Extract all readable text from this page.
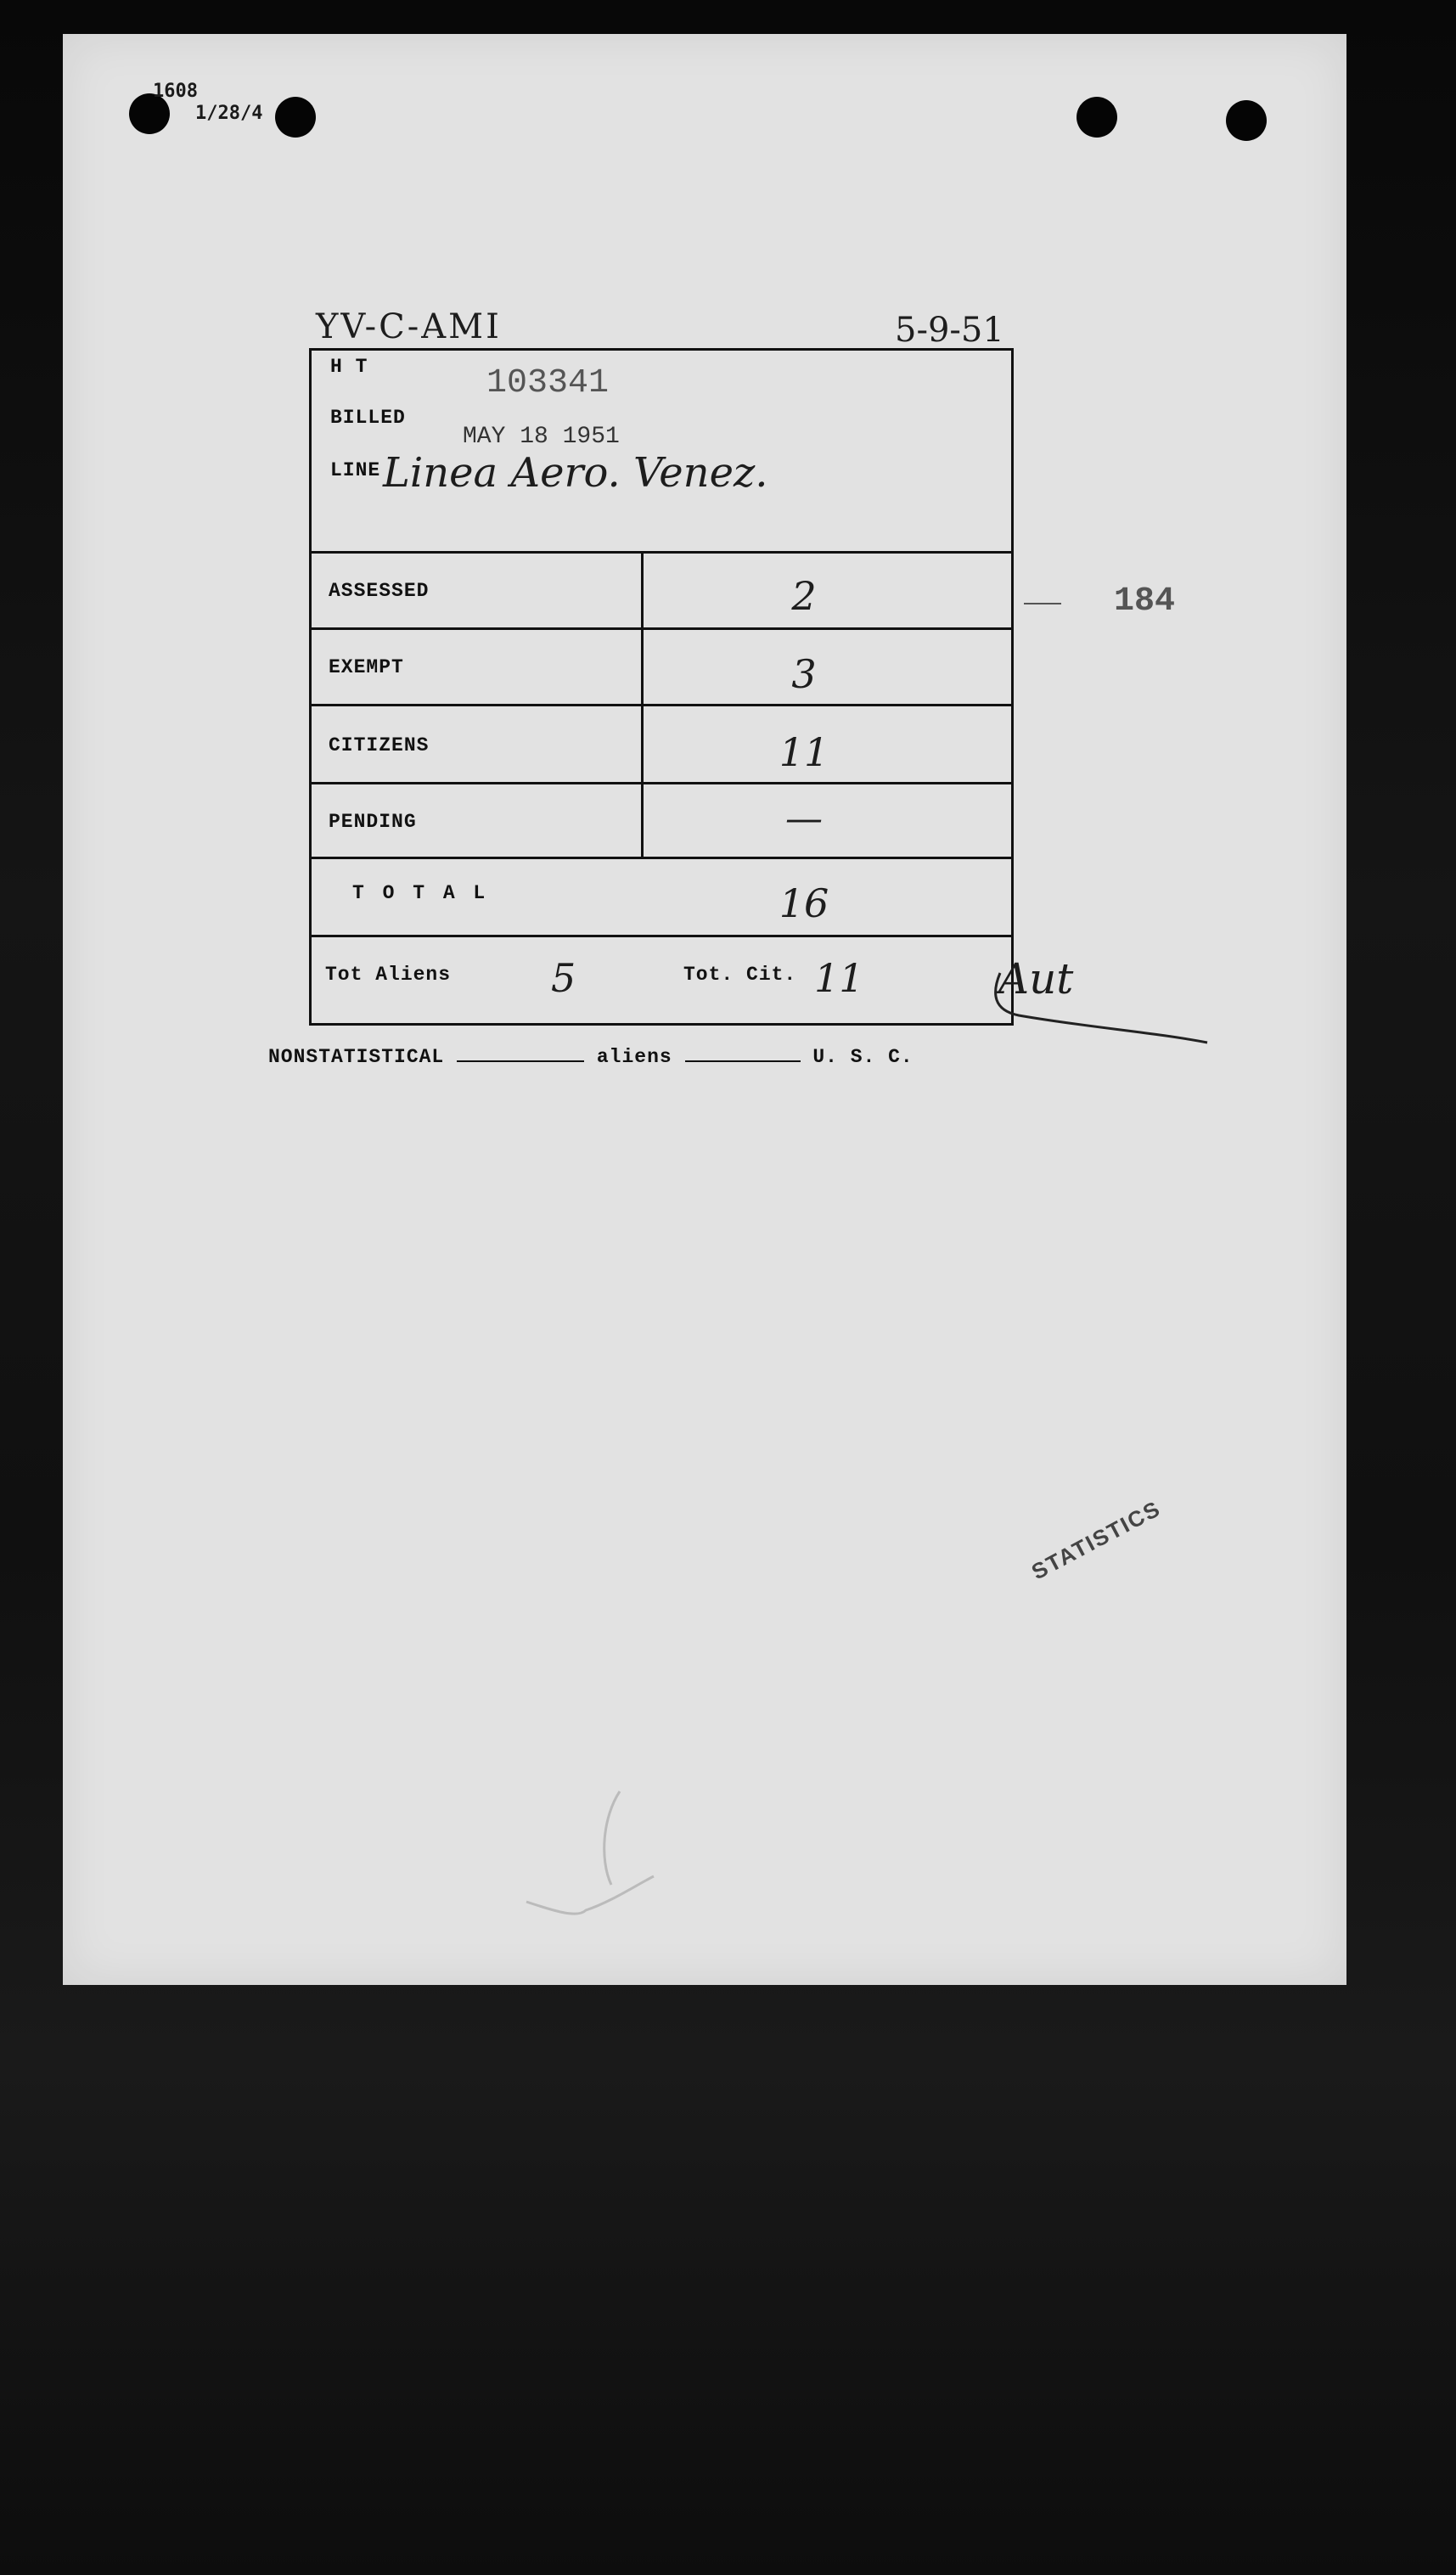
1608
1/28/4
YV-C-AMI	5-9-51
H T	103341
BILLED
MAY 18 1951
LINE Linea Aero. Venez.
ASSESSED	2
EXEMPT	3
CITIZENS	11
PENDING	—
T O T A L	16
Tot Aliens	5	Tot. Cit. 11
184
Aut
NONSTATISTICAL	aliens	U. S. C.
STATISTICS
